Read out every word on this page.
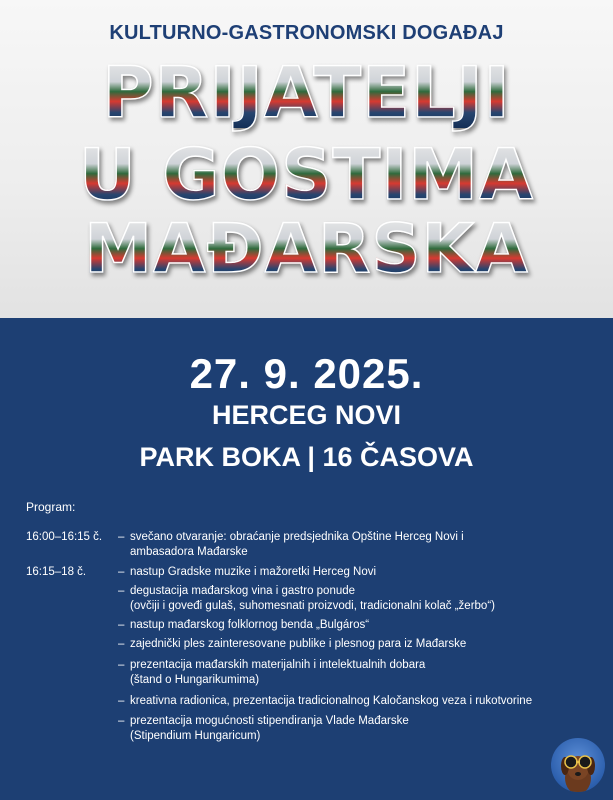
KULTURNO-GASTRONOMSKI DOGAĐAJ
PRIJATELJI
U GOSTIMA
MAĐARSKA
27. 9. 2025.
HERCEG NOVI
PARK BOKA | 16 ČASOVA
Program:
16:00–16:15 č.	– svečano otvaranje: obraćanje predsjednika Opštine Herceg Novi i
ambasadora Mađarske
16:15–18 č.	– nastup Gradske muzike i mažoretki Herceg Novi
– degustacija mađarskog vina i gastro ponude
(ovčiji i goveđi gulaš, suhomesnati proizvodi, tradicionalni kolač „žerbo“)
– nastup mađarskog folklornog benda „Bulgáros“
– zajednički ples zainteresovane publike i plesnog para iz Mađarske
– prezentacija mađarskih materijalnih i intelektualnih dobara
(štand o Hungarikumima)
– kreativna radionica, prezentacija tradicionalnog Kaločanskog veza i rukotvorine
– prezentacija mogućnosti stipendiranja Vlade Mađarske
(Stipendium Hungaricum)
